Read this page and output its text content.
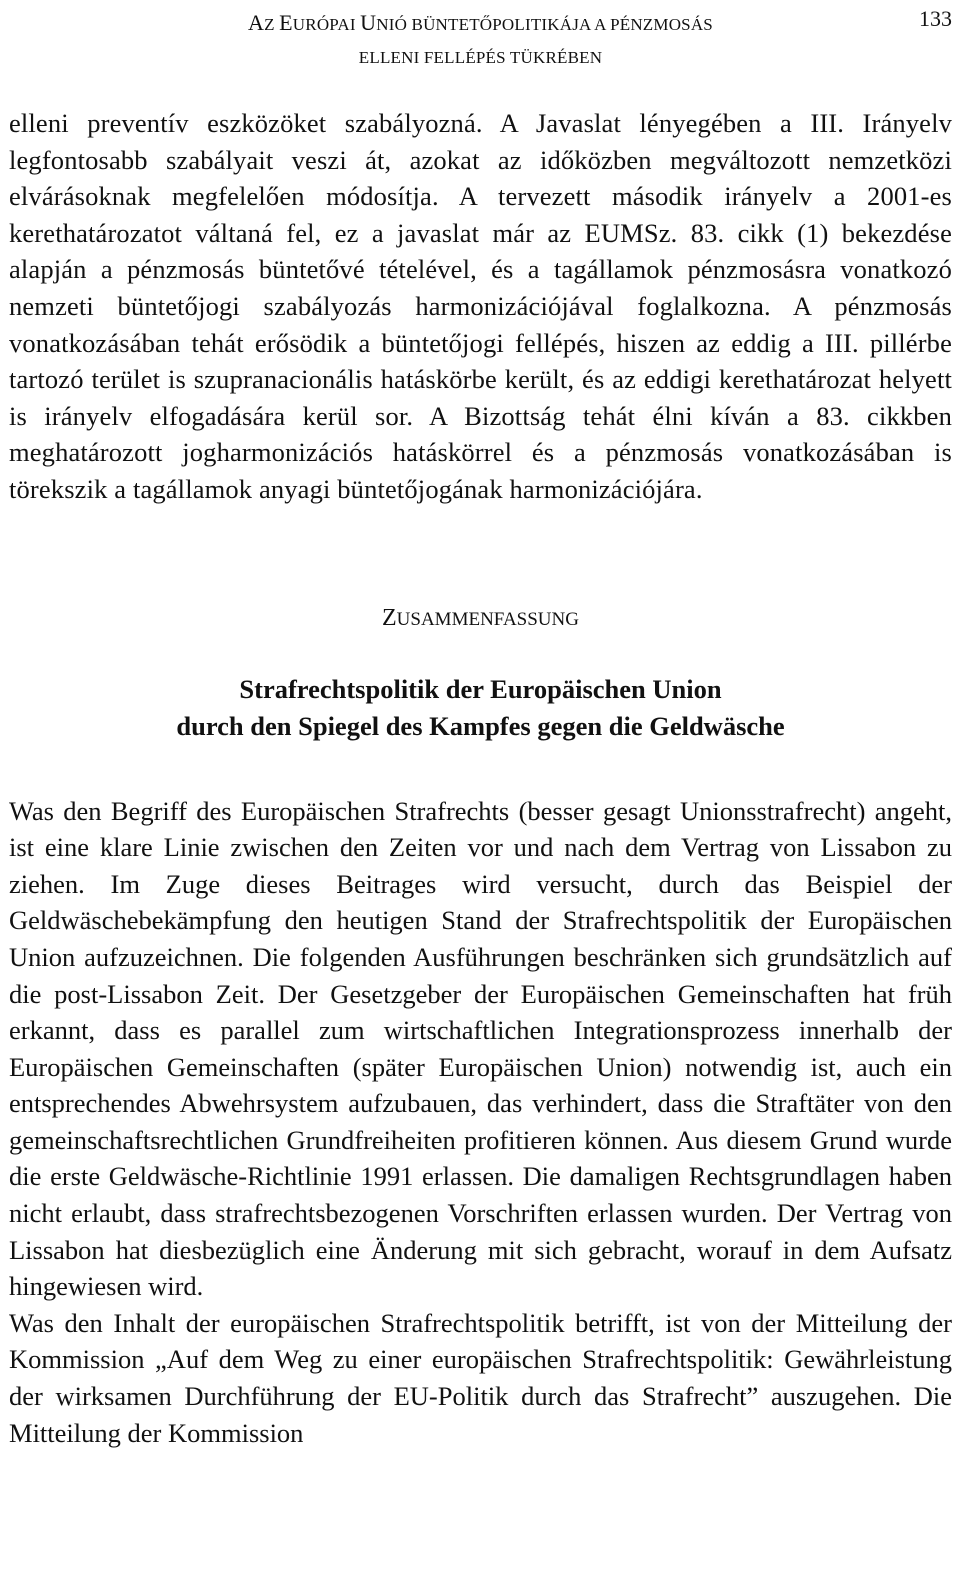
AZ EURÓPAI UNIÓ BÜNTETŐPOLITIKÁJA A PÉNZMOSÁS
ELLENI FELLÉPÉS TÜKRÉBEN
133

elleni preventív eszközöket szabályozná. A Javaslat lényegében a III. Irányelv legfontosabb szabályait veszi át, azokat az időközben megváltozott nemzetközi elvárásoknak megfelelően módosítja. A tervezett második irányelv a 2001-es kerethatározatot váltaná fel, ez a javaslat már az EUMSz. 83. cikk (1) bekezdése alapján a pénzmosás büntetővé tételével, és a tagállamok pénzmosásra vonatkozó nemzeti büntetőjogi szabályozás harmonizációjával foglalkozna. A pénzmosás vonatkozásában tehát erősödik a büntetőjogi fellépés, hiszen az eddig a III. pillérbe tartozó terület is szupranacionális hatáskörbe került, és az eddigi kerethatározat helyett is irányelv elfogadására kerül sor. A Bizottság tehát élni kíván a 83. cikkben meghatározott jogharmonizációs hatáskörrel és a pénzmosás vonatkozásában is törekszik a tagállamok anyagi büntetőjogának harmonizációjára.

ZUSAMMENFASSUNG
Strafrechtspolitik der Europäischen Union
durch den Spiegel des Kampfes gegen die Geldwäsche

Was den Begriff des Europäischen Strafrechts (besser gesagt Unionsstrafrecht) angeht, ist eine klare Linie zwischen den Zeiten vor und nach dem Vertrag von Lissabon zu ziehen. Im Zuge dieses Beitrages wird versucht, durch das Beispiel der Geldwäschebekämpfung den heutigen Stand der Strafrechtspolitik der Europäischen Union aufzuzeichnen. Die folgenden Ausführungen beschränken sich grundsätzlich auf die post-Lissabon Zeit. Der Gesetzgeber der Europäischen Gemeinschaften hat früh erkannt, dass es parallel zum wirtschaftlichen Integrationsprozess innerhalb der Europäischen Gemeinschaften (später Europäischen Union) notwendig ist, auch ein entsprechendes Abwehrsystem aufzubauen, das verhindert, dass die Straftäter von den gemeinschaftsrechtlichen Grundfreiheiten profitieren können. Aus diesem Grund wurde die erste Geldwäsche-Richtlinie 1991 erlassen. Die damaligen Rechtsgrundlagen haben nicht erlaubt, dass strafrechtsbezogenen Vorschriften erlassen wurden. Der Vertrag von Lissabon hat diesbezüglich eine Änderung mit sich gebracht, worauf in dem Aufsatz hingewiesen wird.

Was den Inhalt der europäischen Strafrechtspolitik betrifft, ist von der Mitteilung der Kommission „Auf dem Weg zu einer europäischen Strafrechtspolitik: Gewährleistung der wirksamen Durchführung der EU-Politik durch das Strafrecht” auszugehen. Die Mitteilung der Kommission
